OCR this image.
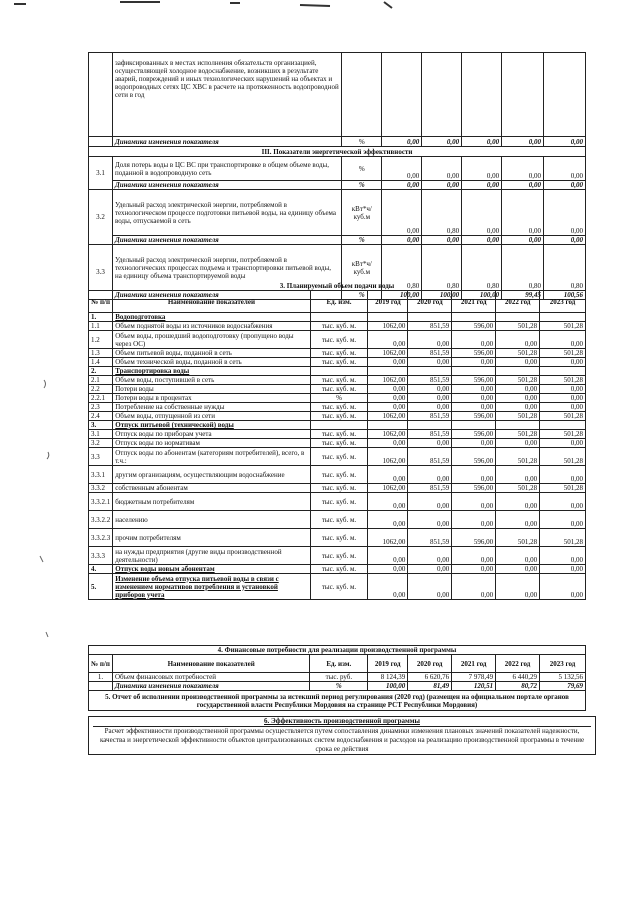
	зафиксированных в местах исполнения обязательств организацией, осуществляющей холодное водоснабжение, возникших в результате аварий, повреждений и иных технологических нарушений на объектах и водопроводных сетях ЦС ХВС в расчете на протяженность водопроводной сети в год						
	Динамика изменения показателя	%	0,00	0,00	0,00	0,00	0,00
III. Показатели энергетической эффективности							
3.1	Доля потерь воды в ЦС ВС при транспортировке в общем объеме воды, поданной в водопроводную сеть	%	0,00	0,00	0,00	0,00	0,00
	Динамика изменения показателя	%	0,00	0,00	0,00	0,00	0,00
3.2	Удельный расход электрической энергии, потребляемой в технологическом процессе подготовки питьевой воды, на единицу объема воды, отпускаемой в сеть	кВт*ч/куб.м	0,00	0,80	0,00	0,00	0,00
	Динамика изменения показателя	%	0,00	0,00	0,00	0,00	0,00
3.3	Удельный расход электрической энергии, потребляемой в технологических процессах подъема и транспортировки питьевой воды, на единицу объема транспортируемой воды	кВт*ч/куб.м	0,80	0,80	0,80	0,80	0,80
	Динамика изменения показателя	%	100,00	100,00	100,00	99,45	100,56
3. Планируемый объем подачи воды
№ п/п	Наименование показателей	Ед. изм.	2019 год	2020 год	2021 год	2022 год	2023 год
1.	Водоподготовка						
1.1	Объем поднятой воды из источников водоснабжения	тыс. куб. м.	1062,00	851,59	596,00	501,28	501,28
1.2	Объем воды, прошедший водоподготовку (пропущено воды через ОС)	тыс. куб. м.	0,00	0,00	0,00	0,00	0,00
1.3	Объем питьевой воды, поданной в сеть	тыс. куб. м.	1062,00	851,59	596,00	501,28	501,28
1.4	Объем технической воды, поданной в сеть	тыс. куб. м.	0,00	0,00	0,00	0,00	0,00
2.	Транспортировка воды						
2.1	Объем воды, поступившей в сеть	тыс. куб. м.	1062,00	851,59	596,00	501,28	501,28
2.2	Потери воды	тыс. куб. м.	0,00	0,00	0,00	0,00	0,00
2.2.1	Потери воды в процентах	%	0,00	0,00	0,00	0,00	0,00
2.3	Потребление на собственные нужды	тыс. куб. м.	0,00	0,00	0,00	0,00	0,00
2.4	Объем воды, отпущенной из сети	тыс. куб. м.	1062,00	851,59	596,00	501,28	501,28
3.	Отпуск питьевой (технической) воды						
3.1	Отпуск воды по приборам учета	тыс. куб. м.	1062,00	851,59	596,00	501,28	501,28
3.2	Отпуск воды по нормативам	тыс. куб. м.	0,00	0,00	0,00	0,00	0,00
3.3	Отпуск воды по абонентам (категориям потребителей), всего, в т.ч.:	тыс. куб. м.	1062,00	851,59	596,00	501,28	501,28
3.3.1	другим организациям, осуществляющим водоснабжение	тыс. куб. м.	0,00	0,00	0,00	0,00	0,00
3.3.2	собственным абонентам	тыс. куб. м.	1062,00	851,59	596,00	501,28	501,28
3.3.2.1	бюджетным потребителям	тыс. куб. м.	0,00	0,00	0,00	0,00	0,00
3.3.2.2	населению	тыс. куб. м.	0,00	0,00	0,00	0,00	0,00
3.3.2.3	прочим потребителям	тыс. куб. м.	1062,00	851,59	596,00	501,28	501,28
3.3.3	на нужды предприятия (другие виды производственной деятельности)	тыс. куб. м.	0,00	0,00	0,00	0,00	0,00
4.	Отпуск воды новым абонентам	тыс. куб. м.	0,00	0,00	0,00	0,00	0,00
5.	Изменение объема отпуска питьевой воды в связи с изменением нормативов потребления и установкой приборов учета	тыс. куб. м.	0,00	0,00	0,00	0,00	0,00
4. Финансовые потребности для реализации производственной программы							
№ п/п	Наименование показателей	Ед. изм.	2019 год	2020 год	2021 год	2022 год	2023 год
1.	Объем финансовых потребностей	тыс. руб.	8 124,39	6 620,76	7 978,49	6 440,29	5 132,56
	Динамика изменения показателя	%	100,00	81,49	120,51	80,72	79,69
5. Отчет об исполнении производственной программы за истекший период регулирования (2020 год) (размещен на официальном портале органов государственной власти Республики Мордовия на странице РСТ Республики Мордовия)							
6. Эффективность производственной программы
Расчет эффективности производственной программы осуществляется путем сопоставления динамики изменения плановых значений показателей надежности, качества и энергетической эффективности объектов централизованных систем водоснабжения и расходов на реализацию производственной программы в течение срока ее действия
